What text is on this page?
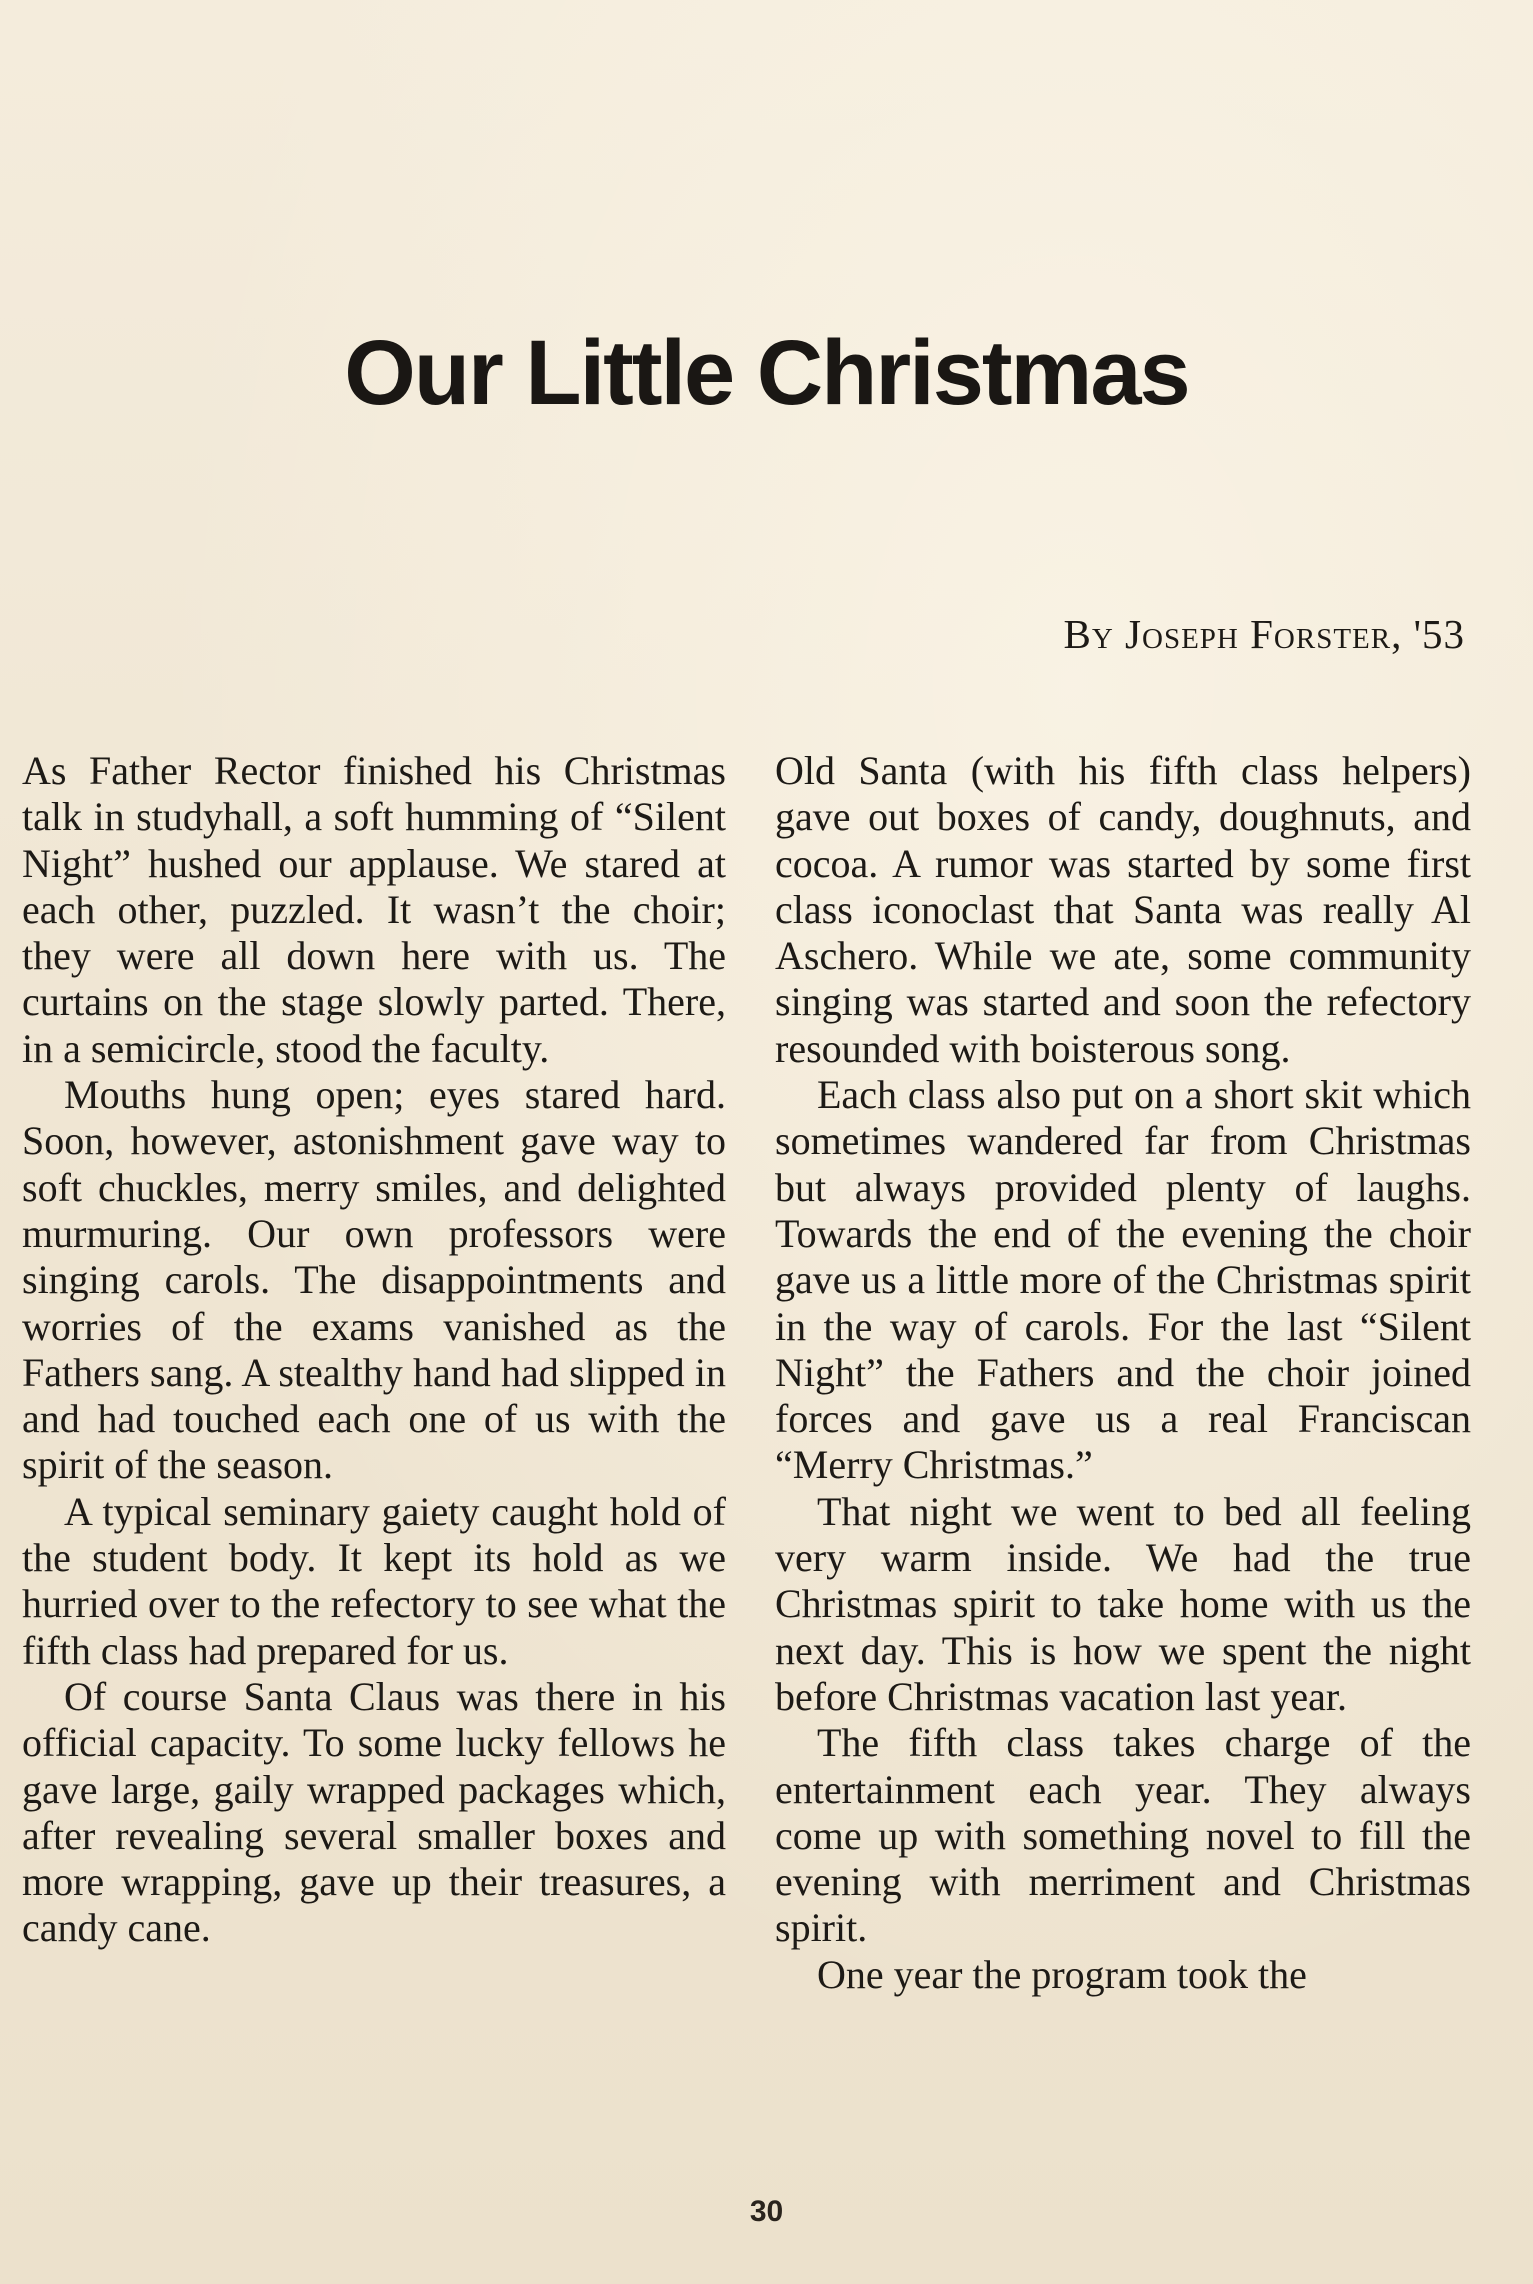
Our Little Christmas
By Joseph Forster, '53

As Father Rector finished his Christmas talk in studyhall, a soft humming of “Silent Night” hushed our applause. We stared at each other, puzzled. It wasn’t the choir; they were all down here with us. The curtains on the stage slowly parted. There, in a semicircle, stood the faculty.

Mouths hung open; eyes stared hard. Soon, however, astonishment gave way to soft chuckles, merry smiles, and delighted murmuring. Our own professors were singing carols. The disappointments and worries of the exams vanished as the Fathers sang. A stealthy hand had slipped in and had touched each one of us with the spirit of the season.

A typical seminary gaiety caught hold of the student body. It kept its hold as we hurried over to the refectory to see what the fifth class had prepared for us.

Of course Santa Claus was there in his official capacity. To some lucky fellows he gave large, gaily wrapped packages which, after revealing several smaller boxes and more wrapping, gave up their treasures, a candy cane.

Old Santa (with his fifth class helpers) gave out boxes of candy, doughnuts, and cocoa. A rumor was started by some first class iconoclast that Santa was really Al Aschero. While we ate, some community singing was started and soon the refectory resounded with boisterous song.

Each class also put on a short skit which sometimes wandered far from Christmas but always provided plenty of laughs. Towards the end of the evening the choir gave us a little more of the Christmas spirit in the way of carols. For the last “Silent Night” the Fathers and the choir joined forces and gave us a real Franciscan “Merry Christmas.”

That night we went to bed all feeling very warm inside. We had the true Christmas spirit to take home with us the next day. This is how we spent the night before Christmas vacation last year.

The fifth class takes charge of the entertainment each year. They always come up with something novel to fill the evening with merriment and Christmas spirit.

One year the program took the

30
